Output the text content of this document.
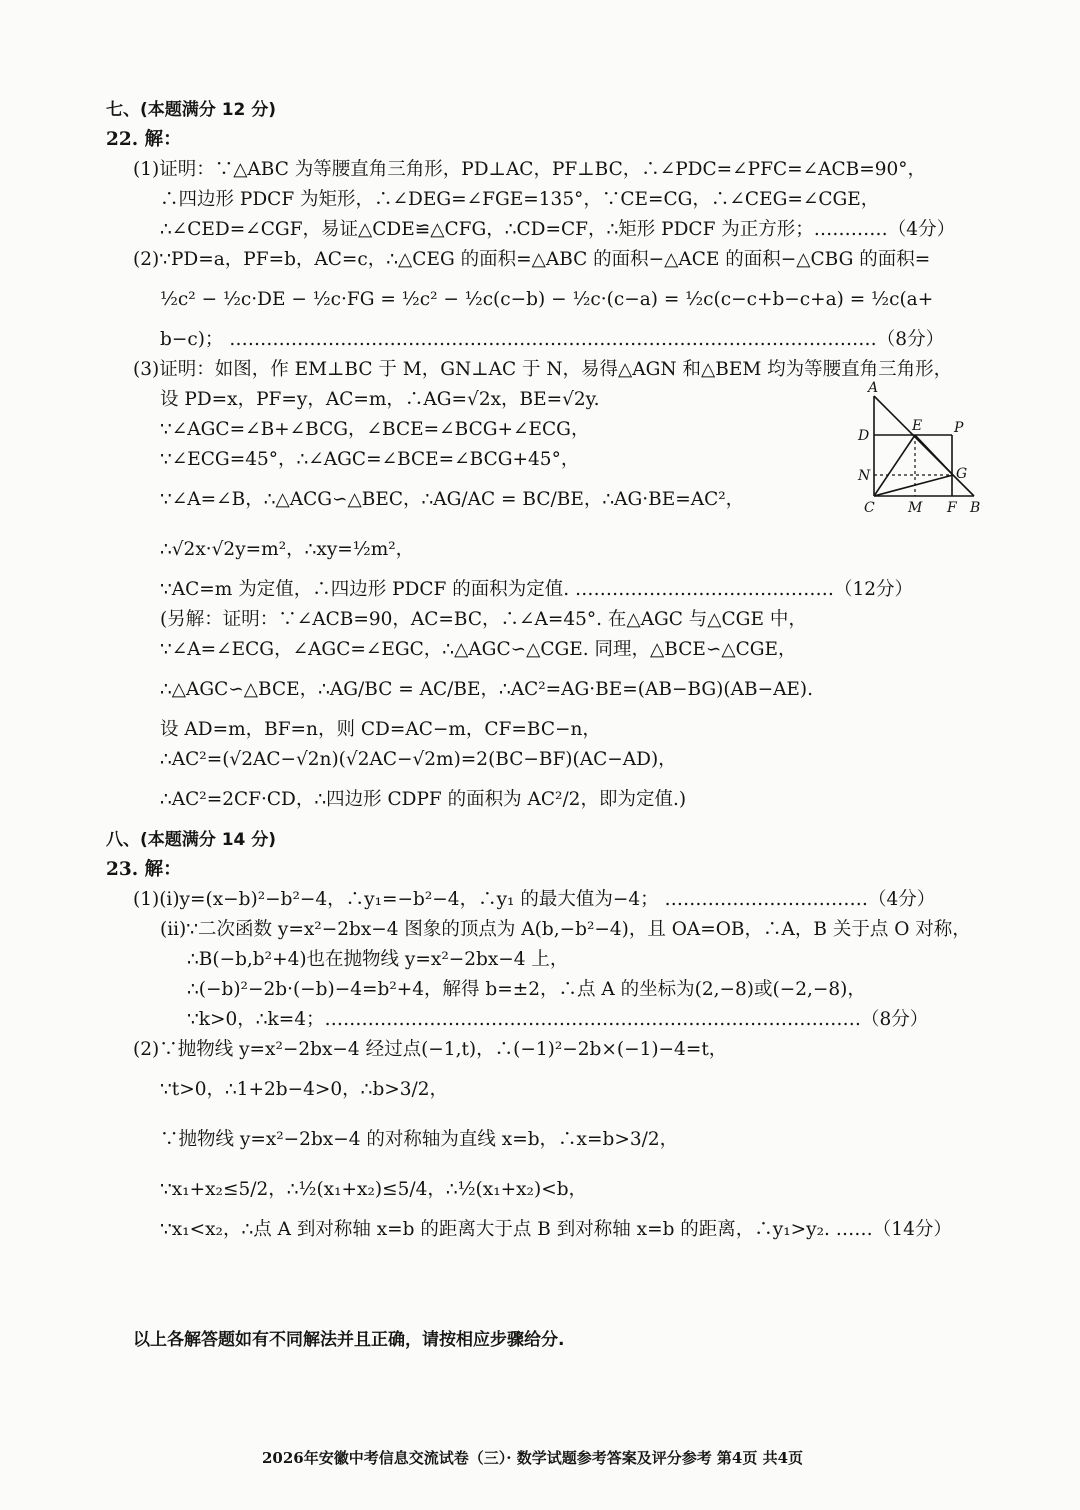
七、(本题满分 12 分)
22. 解：
(1)证明：∵△ABC 为等腰直角三角形，PD⊥AC，PF⊥BC，∴∠PDC=∠PFC=∠ACB=90°，
∴四边形 PDCF 为矩形，∴∠DEG=∠FGE=135°，∵CE=CG，∴∠CEG=∠CGE，
∴∠CED=∠CGF，易证△CDE≌△CFG，∴CD=CF，∴矩形 PDCF 为正方形；…………（4分）
(2)∵PD=a，PF=b，AC=c，∴△CEG 的面积=△ABC 的面积−△ACE 的面积−△CBG 的面积=
½c² − ½c·DE − ½c·FG = ½c² − ½c(c−b) − ½c·(c−a) = ½c(c−c+b−c+a) = ½c(a+
b−c)； ……………………………………………………………………………………………（8分）
(3)证明：如图，作 EM⊥BC 于 M，GN⊥AC 于 N，易得△AGN 和△BEM 均为等腰直角三角形，
设 PD=x，PF=y，AC=m，∴AG=√2x，BE=√2y.
∵∠AGC=∠B+∠BCG，∠BCE=∠BCG+∠ECG，
∵∠ECG=45°，∴∠AGC=∠BCE=∠BCG+45°，
∵∠A=∠B，∴△ACG∽△BEC，∴AG/AC = BC/BE，∴AG·BE=AC²，
∴√2x·√2y=m²，∴xy=½m²，
∵AC=m 为定值，∴四边形 PDCF 的面积为定值. ……………………………………（12分）
(另解：证明：∵∠ACB=90，AC=BC，∴∠A=45°. 在△AGC 与△CGE 中，
∵∠A=∠ECG，∠AGC=∠EGC，∴△AGC∽△CGE. 同理，△BCE∽△CGE，
∴△AGC∽△BCE，∴AG/BC = AC/BE，∴AC²=AG·BE=(AB−BG)(AB−AE).
设 AD=m，BF=n，则 CD=AC−m，CF=BC−n，
∴AC²=(√2AC−√2n)(√2AC−√2m)=2(BC−BF)(AC−AD)，
∴AC²=2CF·CD，∴四边形 CDPF 的面积为 AC²/2，即为定值.)
八、(本题满分 14 分)
23. 解：
(1)(i)y=(x−b)²−b²−4，∴y₁=−b²−4，∴y₁ 的最大值为−4； ……………………………（4分）
(ii)∵二次函数 y=x²−2bx−4 图象的顶点为 A(b,−b²−4)，且 OA=OB，∴A，B 关于点 O 对称，
∴B(−b,b²+4)也在抛物线 y=x²−2bx−4 上，
∴(−b)²−2b·(−b)−4=b²+4，解得 b=±2，∴点 A 的坐标为(2,−8)或(−2,−8)，
∵k>0，∴k=4；……………………………………………………………………………（8分）
(2)∵抛物线 y=x²−2bx−4 经过点(−1,t)，∴(−1)²−2b×(−1)−4=t，
∵t>0，∴1+2b−4>0，∴b>3/2，
∵抛物线 y=x²−2bx−4 的对称轴为直线 x=b，∴x=b>3/2，
∵x₁+x₂≤5/2，∴½(x₁+x₂)≤5/4，∴½(x₁+x₂)<b，
∵x₁<x₂，∴点 A 到对称轴 x=b 的距离大于点 B 到对称轴 x=b 的距离，∴y₁>y₂. ……（14分）
以上各解答题如有不同解法并且正确，请按相应步骤给分.
2026年安徽中考信息交流试卷（三）· 数学试题参考答案及评分参考 第4页 共4页
A
D
E P
N	G
C M F B
